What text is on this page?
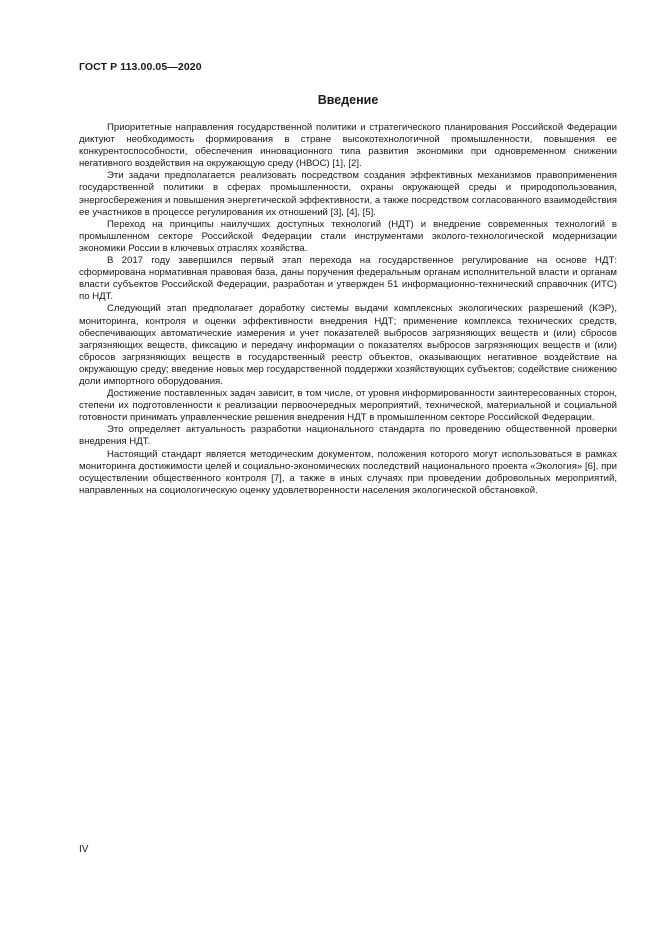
ГОСТ Р 113.00.05—2020
Введение

Приоритетные направления государственной политики и стратегического планирования Российской Федерации диктуют необходимость формирования в стране высокотехнологичной промышленности, повышения ее конкурентоспособности, обеспечения инновационного типа развития экономики при одновременном снижении негативного воздействия на окружающую среду (НВОС) [1], [2].

Эти задачи предполагается реализовать посредством создания эффективных механизмов правоприменения государственной политики в сферах промышленности, охраны окружающей среды и природопользования, энергосбережения и повышения энергетической эффективности, а также посредством согласованного взаимодействия ее участников в процессе регулирования их отношений [3], [4], [5].

Переход на принципы наилучших доступных технологий (НДТ) и внедрение современных технологий в промышленном секторе Российской Федерации стали инструментами эколого-технологической модернизации экономики России в ключевых отраслях хозяйства.

В 2017 году завершился первый этап перехода на государственное регулирование на основе НДТ: сформирована нормативная правовая база, даны поручения федеральным органам исполнительной власти и органам власти субъектов Российской Федерации, разработан и утвержден 51 информационно-технический справочник (ИТС) по НДТ.

Следующий этап предполагает доработку системы выдачи комплексных экологических разрешений (КЭР), мониторинга, контроля и оценки эффективности внедрения НДТ; применение комплекса технических средств, обеспечивающих автоматические измерения и учет показателей выбросов загрязняющих веществ и (или) сбросов загрязняющих веществ, фиксацию и передачу информации о показателях выбросов загрязняющих веществ и (или) сбросов загрязняющих веществ в государственный реестр объектов, оказывающих негативное воздействие на окружающую среду; введение новых мер государственной поддержки хозяйствующих субъектов; содействие снижению доли импортного оборудования.

Достижение поставленных задач зависит, в том числе, от уровня информированности заинтересованных сторон, степени их подготовленности к реализации первоочередных мероприятий, технической, материальной и социальной готовности принимать управленческие решения внедрения НДТ в промышленном секторе Российской Федерации.

Это определяет актуальность разработки национального стандарта по проведению общественной проверки внедрения НДТ.

Настоящий стандарт является методическим документом, положения которого могут использоваться в рамках мониторинга достижимости целей и социально-экономических последствий национального проекта «Экология» [6], при осуществлении общественного контроля [7], а также в иных случаях при проведении добровольных мероприятий, направленных на социологическую оценку удовлетворенности населения экологической обстановкой.

IV
